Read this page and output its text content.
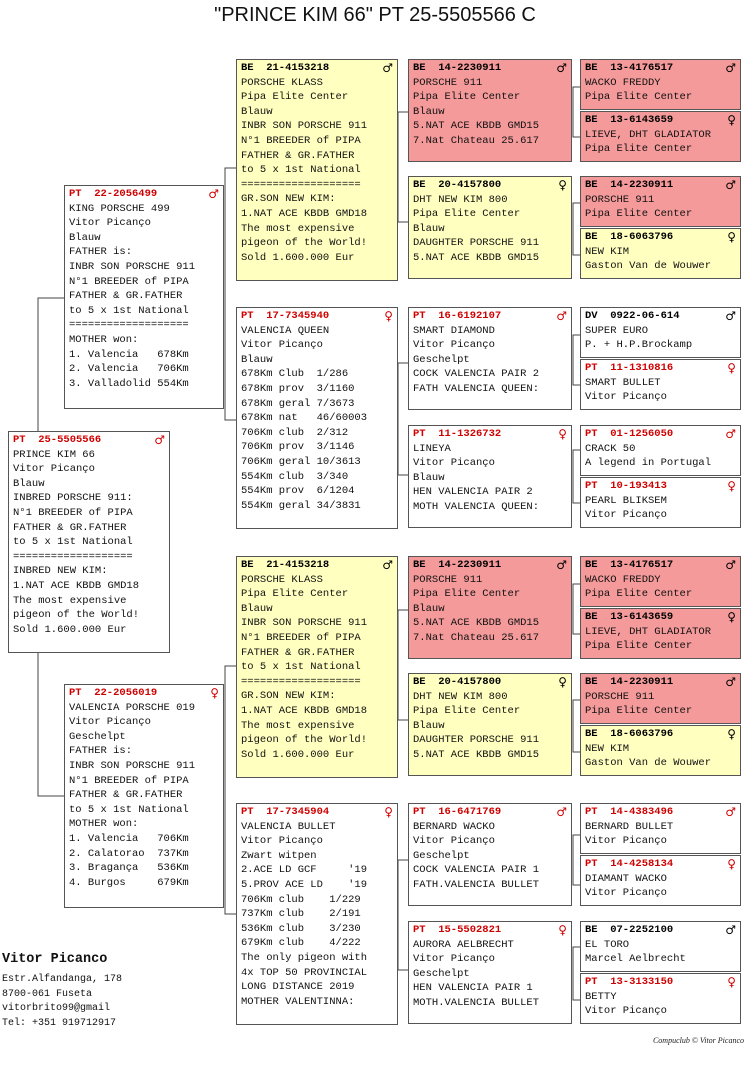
"PRINCE KIM 66" PT 25-5505566 C
PT  25-5505566	♂
PRINCE KIM 66
Vitor Picanço
Blauw
INBRED PORSCHE 911:
N°1 BREEDER of PIPA
FATHER & GR.FATHER
to 5 x 1st National
===================
INBRED NEW KIM:
1.NAT ACE KBDB GMD18
The most expensive
pigeon of the World!
Sold 1.600.000 Eur
PT  22-2056499	♂
KING PORSCHE 499
Vitor Picanço
Blauw
FATHER is:
INBR SON PORSCHE 911
N°1 BREEDER of PIPA
FATHER & GR.FATHER
to 5 x 1st National
===================
MOTHER won:
1. Valencia   678Km
2. Valencia   706Km
3. Valladolid 554Km
PT  22-2056019	♀
VALENCIA PORSCHE 019
Vitor Picanço
Geschelpt
FATHER is:
INBR SON PORSCHE 911
N°1 BREEDER of PIPA
FATHER & GR.FATHER
to 5 x 1st National
MOTHER won:
1. Valencia   706Km
2. Calatorao  737Km
3. Bragança   536Km
4. Burgos     679Km
BE  21-4153218	♂
PORSCHE KLASS
Pipa Elite Center
Blauw
INBR SON PORSCHE 911
N°1 BREEDER of PIPA
FATHER & GR.FATHER
to 5 x 1st National
===================
GR.SON NEW KIM:
1.NAT ACE KBDB GMD18
The most expensive
pigeon of the World!
Sold 1.600.000 Eur
PT  17-7345940	♀
VALENCIA QUEEN
Vitor Picanço
Blauw
678Km Club  1/286
678Km prov  3/1160
678Km geral 7/3673
678Km nat   46/60003
706Km club  2/312
706Km prov  3/1146
706Km geral 10/3613
554Km club  3/340
554Km prov  6/1204
554Km geral 34/3831
BE  21-4153218	♂
PORSCHE KLASS
Pipa Elite Center
Blauw
INBR SON PORSCHE 911
N°1 BREEDER of PIPA
FATHER & GR.FATHER
to 5 x 1st National
===================
GR.SON NEW KIM:
1.NAT ACE KBDB GMD18
The most expensive
pigeon of the World!
Sold 1.600.000 Eur
PT  17-7345904	♀
VALENCIA BULLET
Vitor Picanço
Zwart witpen
2.ACE LD GCF     '19
5.PROV ACE LD    '19
706Km club    1/229
737Km club    2/191
536Km club    3/230
679Km club    4/222
The only pigeon with
4x TOP 50 PROVINCIAL
LONG DISTANCE 2019
MOTHER VALENTINNA:
BE  14-2230911	♂
PORSCHE 911
Pipa Elite Center
Blauw
5.NAT ACE KBDB GMD15
7.Nat Chateau 25.617
BE  20-4157800	♀
DHT NEW KIM 800
Pipa Elite Center
Blauw
DAUGHTER PORSCHE 911
5.NAT ACE KBDB GMD15
PT  16-6192107	♂
SMART DIAMOND
Vitor Picanço
Geschelpt
COCK VALENCIA PAIR 2
FATH VALENCIA QUEEN:
PT  11-1326732	♀
LINEYA
Vitor Picanço
Blauw
HEN VALENCIA PAIR 2
MOTH VALENCIA QUEEN:
BE  14-2230911	♂
PORSCHE 911
Pipa Elite Center
Blauw
5.NAT ACE KBDB GMD15
7.Nat Chateau 25.617
BE  20-4157800	♀
DHT NEW KIM 800
Pipa Elite Center
Blauw
DAUGHTER PORSCHE 911
5.NAT ACE KBDB GMD15
PT  16-6471769	♂
BERNARD WACKO
Vitor Picanço
Geschelpt
COCK VALENCIA PAIR 1
FATH.VALENCIA BULLET
PT  15-5502821	♀
AURORA AELBRECHT
Vitor Picanço
Geschelpt
HEN VALENCIA PAIR 1
MOTH.VALENCIA BULLET
BE  13-4176517	♂
WACKO FREDDY
Pipa Elite Center
BE  13-6143659	♀
LIEVE, DHT GLADIATOR
Pipa Elite Center
BE  14-2230911	♂
PORSCHE 911
Pipa Elite Center
BE  18-6063796	♀
NEW KIM
Gaston Van de Wouwer
DV  0922-06-614	♂
SUPER EURO
P. + H.P.Brockamp
PT  11-1310816	♀
SMART BULLET
Vitor Picanço
PT  01-1256050	♂
CRACK 50
A legend in Portugal
PT  10-193413	♀
PEARL BLIKSEM
Vitor Picanço
BE  13-4176517	♂
WACKO FREDDY
Pipa Elite Center
BE  13-6143659	♀
LIEVE, DHT GLADIATOR
Pipa Elite Center
BE  14-2230911	♂
PORSCHE 911
Pipa Elite Center
BE  18-6063796	♀
NEW KIM
Gaston Van de Wouwer
PT  14-4383496	♂
BERNARD BULLET
Vitor Picanço
PT  14-4258134	♀
DIAMANT WACKO
Vitor Picanço
BE  07-2252100	♂
EL TORO
Marcel Aelbrecht
PT  13-3133150	♀
BETTY
Vitor Picanço
Vitor Picanco
Estr.Alfandanga, 178
8700-061 Fuseta
vitorbrito99@gmail
Tel: +351 919712917
Compuclub © Vitor Picanco
